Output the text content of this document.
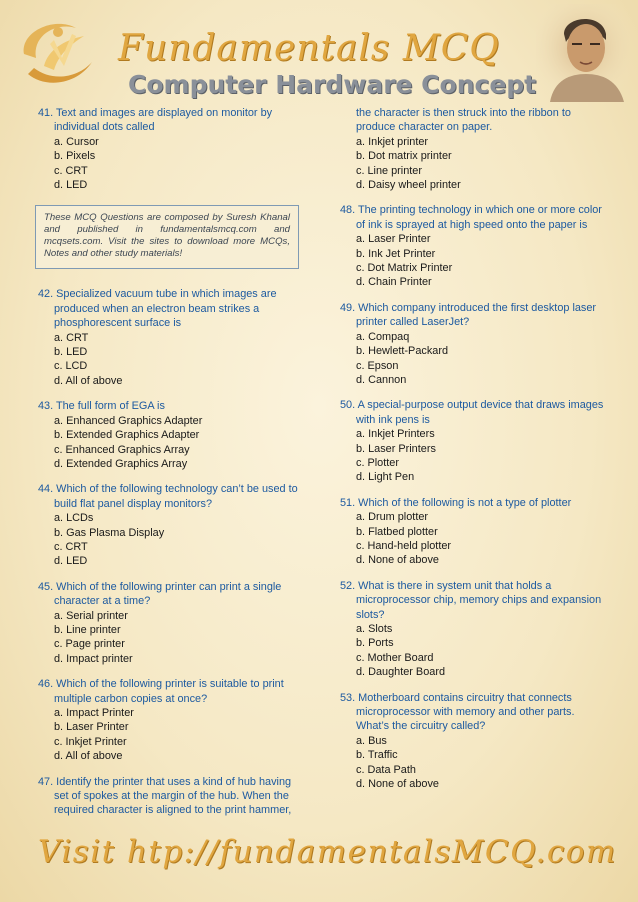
Fundamentals MCQ
Computer Hardware Concept
41. Text and images are displayed on monitor by individual dots called
a. Cursor
b. Pixels
c. CRT
d. LED
These MCQ Questions are composed by Suresh Khanal and published in fundamentalsmcq.com and mcqsets.com. Visit the sites to download more MCQs, Notes and other study materials!
42. Specialized vacuum tube in which images are produced when an electron beam strikes a phosphorescent surface is
a. CRT
b. LED
c. LCD
d. All of above
43. The full form of EGA is
a. Enhanced Graphics Adapter
b. Extended Graphics Adapter
c. Enhanced Graphics Array
d. Extended Graphics Array
44. Which of the following technology can’t be used to build flat panel display monitors?
a. LCDs
b. Gas Plasma Display
c. CRT
d. LED
45. Which of the following printer can print a single character at a time?
a. Serial printer
b. Line printer
c. Page printer
d. Impact printer
46. Which of the following printer is suitable to print multiple carbon copies at once?
a. Impact Printer
b. Laser Printer
c. Inkjet Printer
d. All of above
47. Identify the printer that uses a kind of hub having set of spokes at the margin of the hub. When the required character is aligned to the print hammer,
the character is then struck into the ribbon to produce character on paper.
a. Inkjet printer
b. Dot matrix printer
c. Line printer
d. Daisy wheel printer
48. The printing technology in which one or more color of ink is sprayed at high speed onto the paper is
a. Laser Printer
b. Ink Jet Printer
c. Dot Matrix Printer
d. Chain Printer
49. Which company introduced the first desktop laser printer called LaserJet?
a. Compaq
b. Hewlett-Packard
c. Epson
d. Cannon
50. A special-purpose output device that draws images with ink pens is
a. Inkjet Printers
b. Laser Printers
c. Plotter
d. Light Pen
51. Which of the following is not a type of plotter
a. Drum plotter
b. Flatbed plotter
c. Hand-held plotter
d. None of above
52. What is there in system unit that holds a microprocessor chip, memory chips and expansion slots?
a. Slots
b. Ports
c. Mother Board
d. Daughter Board
53. Motherboard contains circuitry that connects microprocessor with memory and other parts. What’s the circuitry called?
a. Bus
b. Traffic
c. Data Path
d. None of above
Visit htp://fundamentalsMCQ.com
